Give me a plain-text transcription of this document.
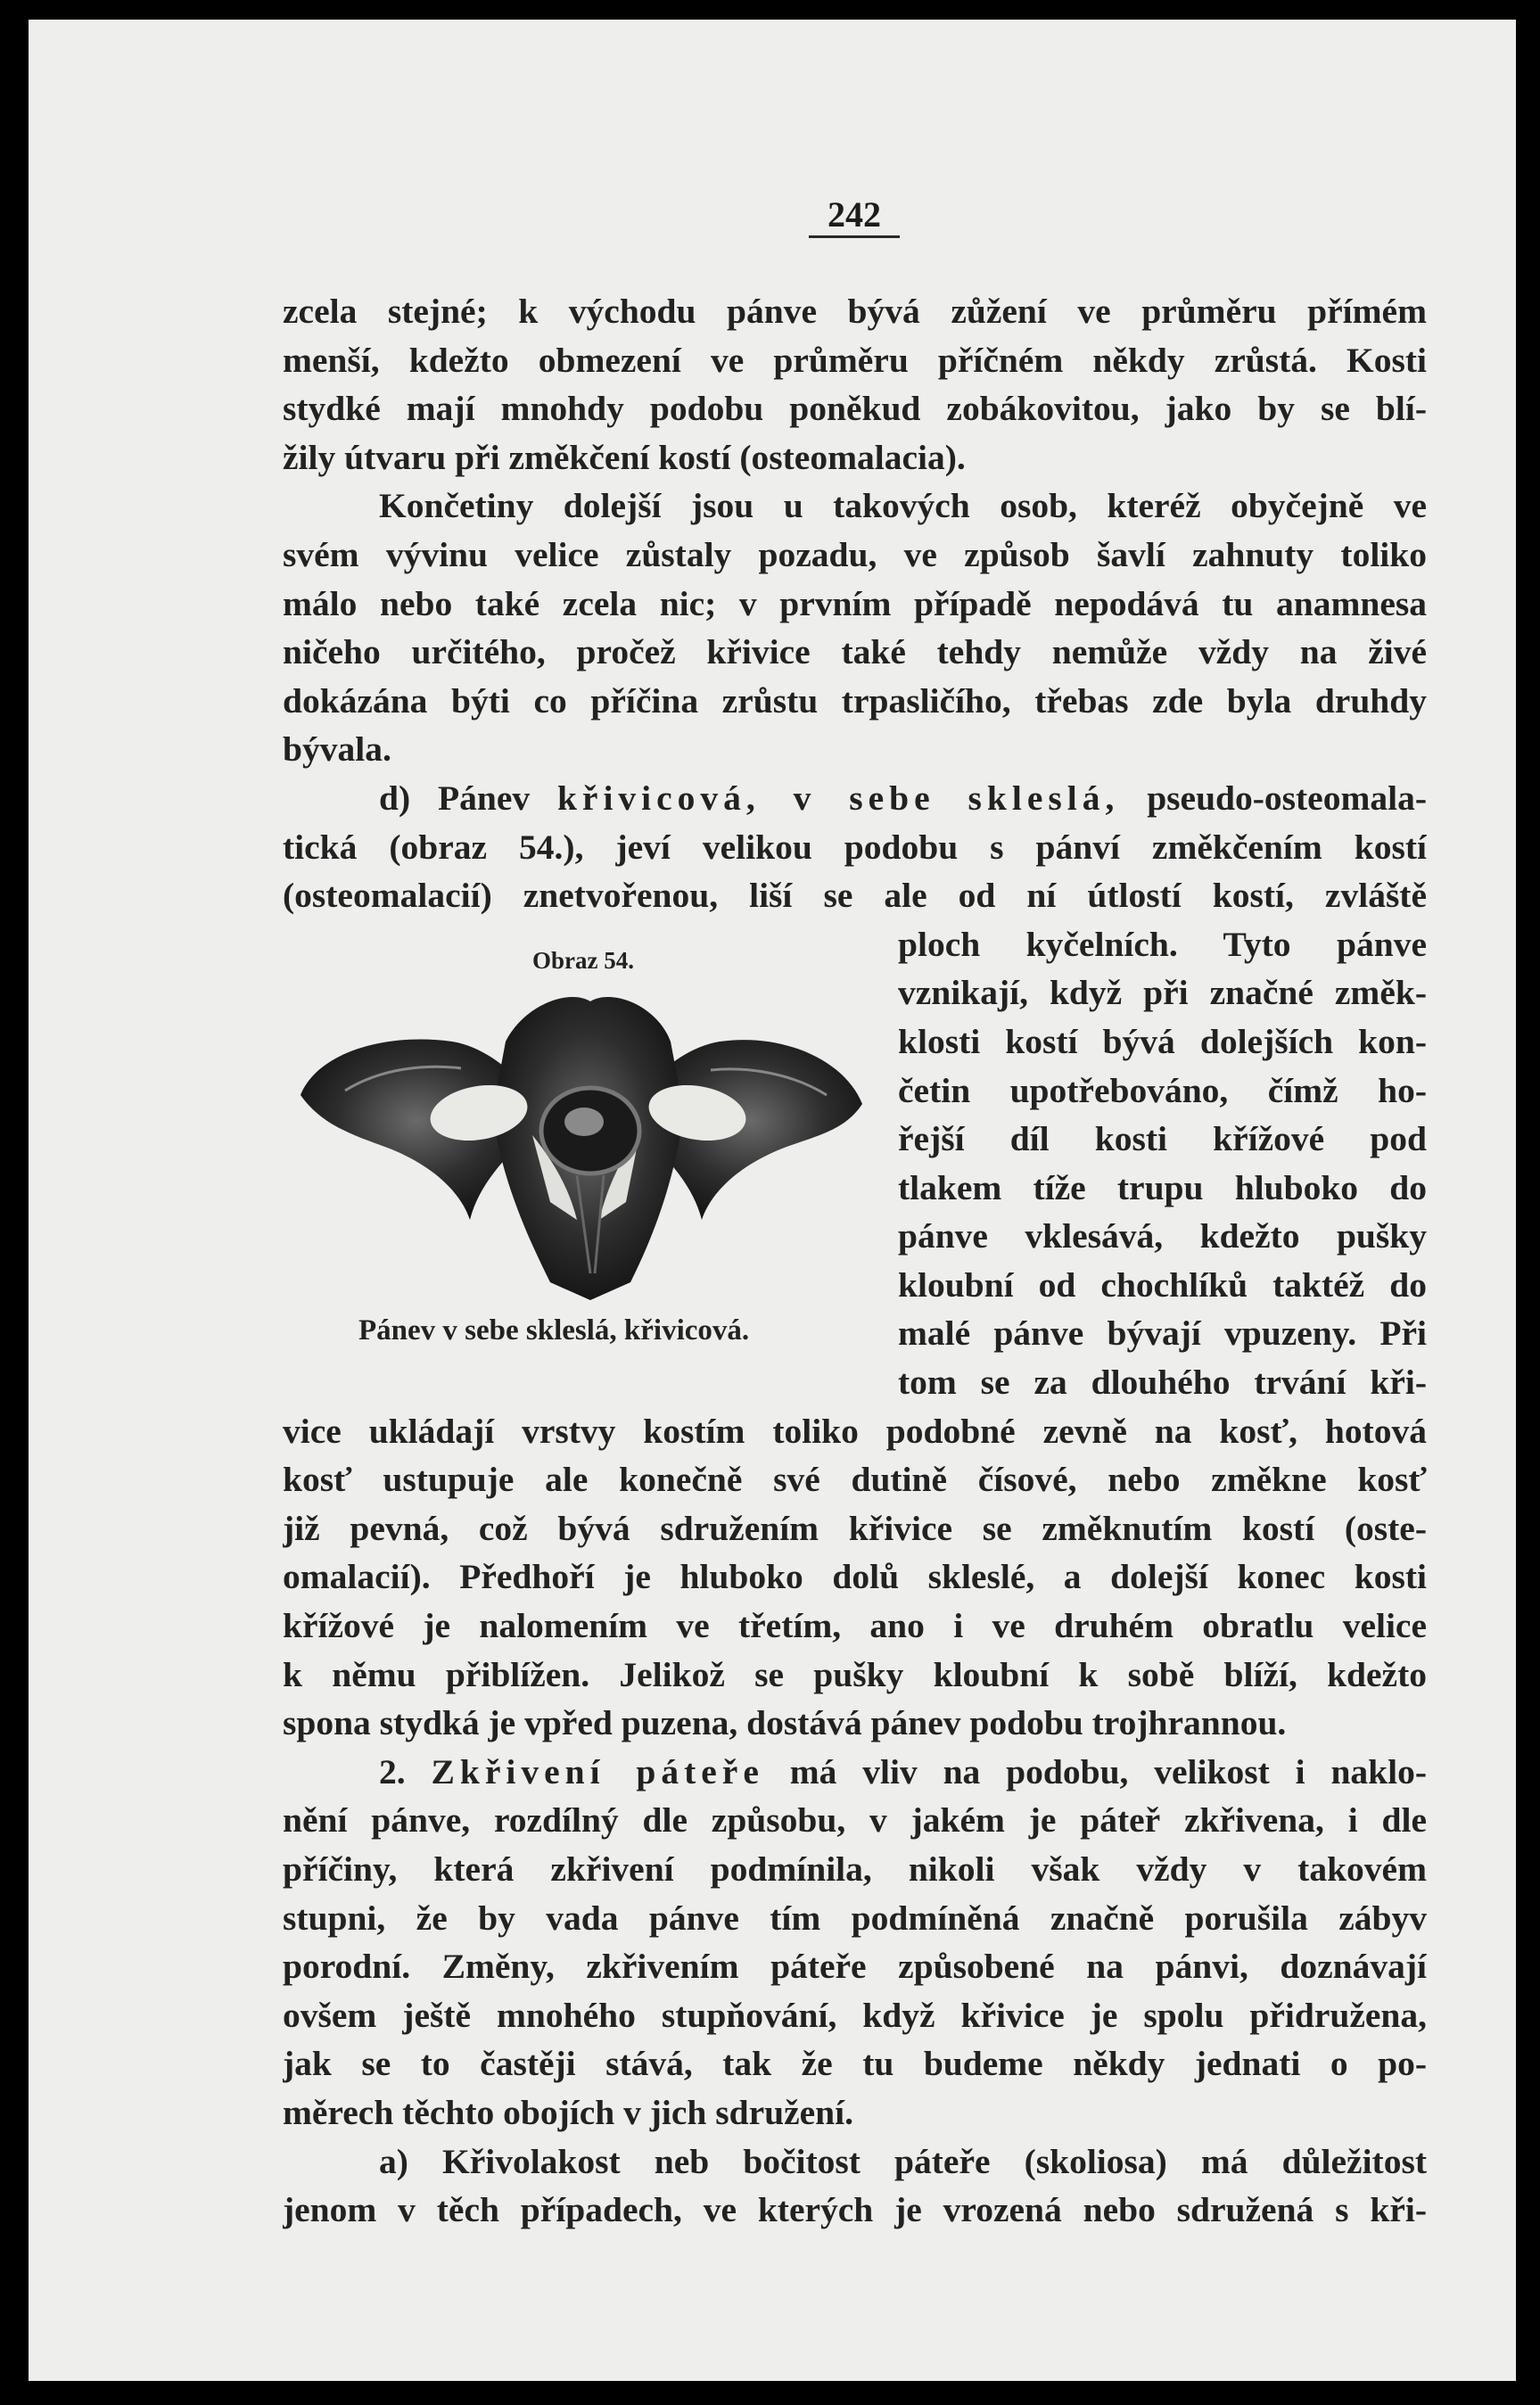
242
zcela stejné; k východu pánve bývá zůžení ve průměru přímém
menší, kdežto obmezení ve průměru příčném někdy zrůstá. Kosti
stydké mají mnohdy podobu poněkud zobákovitou, jako by se blí-
žily útvaru při změkčení kostí (osteomalacia).
Končetiny dolejší jsou u takových osob, kteréž obyčejně ve
svém vývinu velice zůstaly pozadu, ve způsob šavlí zahnuty toliko
málo nebo také zcela nic; v prvním případě nepodává tu anamnesa
ničeho určitého, pročež křivice také tehdy nemůže vždy na živé
dokázána býti co příčina zrůstu trpasličího, třebas zde byla druhdy
bývala.
d) Pánev křivicová, v sebe skleslá, pseudo-osteomala-
tická (obraz 54.), jeví velikou podobu s pánví změkčením kostí
(osteomalacií) znetvořenou, liší se ale od ní útlostí kostí, zvláště
ploch kyčelních. Tyto pánve
vznikají, když při značné změk-
klosti kostí bývá dolejších kon-
četin upotřebováno, čímž ho-
řejší díl kosti křížové pod
tlakem tíže trupu hluboko do
pánve vklesává, kdežto pušky
kloubní od chochlíků taktéž do
malé pánve bývají vpuzeny. Při
tom se za dlouhého trvání kři-
vice ukládají vrstvy kostím toliko podobné zevně na kosť, hotová
kosť ustupuje ale konečně své dutině čísové, nebo změkne kosť
již pevná, což bývá sdružením křivice se změknutím kostí (oste-
omalacií). Předhoří je hluboko dolů skleslé, a dolejší konec kosti
křížové je nalomením ve třetím, ano i ve druhém obratlu velice
k němu přiblížen. Jelikož se pušky kloubní k sobě blíží, kdežto
spona stydká je vpřed puzena, dostává pánev podobu trojhrannou.
2. Zkřivení páteře má vliv na podobu, velikost i naklo-
nění pánve, rozdílný dle způsobu, v jakém je páteř zkřivena, i dle
příčiny, která zkřivení podmínila, nikoli však vždy v takovém
stupni, že by vada pánve tím podmíněná značně porušila zábyv
porodní. Změny, zkřivením páteře způsobené na pánvi, doznávají
ovšem ještě mnohého stupňování, když křivice je spolu přidružena,
jak se to častěji stává, tak že tu budeme někdy jednati o po-
měrech těchto obojích v jich sdružení.
a) Křivolakost neb bočitost páteře (skoliosa) má důležitost
jenom v těch případech, ve kterých je vrozená nebo sdružená s kři-
Obraz 54.
Pánev v sebe skleslá, křivicová.
